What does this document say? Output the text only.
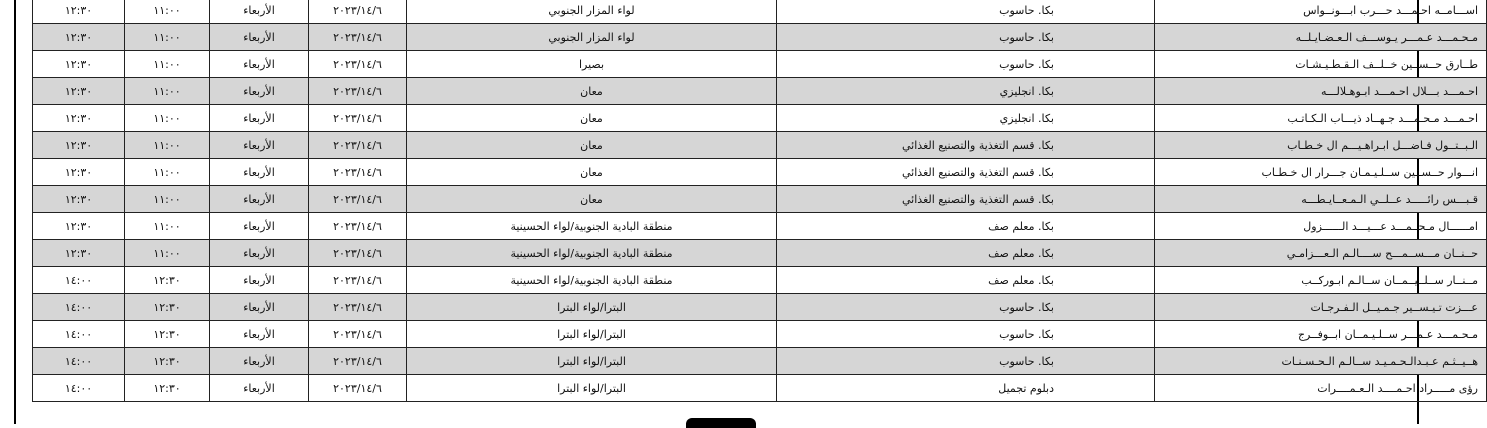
اســـامــه احـمـــد حـــرب ابـــونــواس	بكا. حاسوب	لواء المزار الجنوبي	٢٠٢٣/١٤/٦	الأربعاء	١١:٠٠	١٢:٣٠
مـحـمـــد عـمـــر يـوســـف الـعـضـايـلــه	بكا. حاسوب	لواء المزار الجنوبي	٢٠٢٣/١٤/٦	الأربعاء	١١:٠٠	١٢:٣٠
طــارق حــســين خــلــف الـقـطـيـشـات	بكا. حاسوب	بصيرا	٢٠٢٣/١٤/٦	الأربعاء	١١:٠٠	١٢:٣٠
احـمـــد بـــلال احـمـــد ابـوهـلالـــه	بكا. انجليزي	معان	٢٠٢٣/١٤/٦	الأربعاء	١١:٠٠	١٢:٣٠
احـمـــد مـحـمـــد جـهــاد ذيـــاب الـكـاتـب	بكا. انجليزي	معان	٢٠٢٣/١٤/٦	الأربعاء	١١:٠٠	١٢:٣٠
الـبــتــول فـاضـــل ابـراهـيـــم ال خـطـاب	بكا. قسم التغذية والتصنيع الغذائي	معان	٢٠٢٣/١٤/٦	الأربعاء	١١:٠٠	١٢:٣٠
انـــوار حــســين ســلـيـمـان جـــرار ال خـطـاب	بكا. قسم التغذية والتصنيع الغذائي	معان	٢٠٢٣/١٤/٦	الأربعاء	١١:٠٠	١٢:٣٠
قـبـــس رائـــــد عــلــي الـمـعــايـطـــه	بكا. قسم التغذية والتصنيع الغذائي	معان	٢٠٢٣/١٤/٦	الأربعاء	١١:٠٠	١٢:٣٠
امــــــال مـحــمـــد عـــيـــد الــــــزول	بكا. معلم صف	منطقة البادية الجنوبية/لواء الحسينية	٢٠٢٣/١٤/٦	الأربعاء	١١:٠٠	١٢:٣٠
حــنــان مـــســمـــح ســــالـم الـعـــزامـي	بكا. معلم صف	منطقة البادية الجنوبية/لواء الحسينية	٢٠٢٣/١٤/٦	الأربعاء	١١:٠٠	١٢:٣٠
مــنــار ســلــيــمــان ســالـم ابـوركــب	بكا. معلم صف	منطقة البادية الجنوبية/لواء الحسينية	٢٠٢٣/١٤/٦	الأربعاء	١٢:٣٠	١٤:٠٠
عـــزت تـيـســير جـمـيــل الـفـرجـات	بكا. حاسوب	البترا/لواء البترا	٢٠٢٣/١٤/٦	الأربعاء	١٢:٣٠	١٤:٠٠
مـحـمـــد عـمـــر ســلـيـمــان ابــوفــرج	بكا. حاسوب	البترا/لواء البترا	٢٠٢٣/١٤/٦	الأربعاء	١٢:٣٠	١٤:٠٠
هــيــثـم عـبـدالـحـمـيـد ســالـم الـحـسـنـات	بكا. حاسوب	البترا/لواء البترا	٢٠٢٣/١٤/٦	الأربعاء	١٢:٣٠	١٤:٠٠
رؤى مـــــراد احـمــــد الـعـمــــرات	دبلوم تجميل	البترا/لواء البترا	٢٠٢٣/١٤/٦	الأربعاء	١٢:٣٠	١٤:٠٠
